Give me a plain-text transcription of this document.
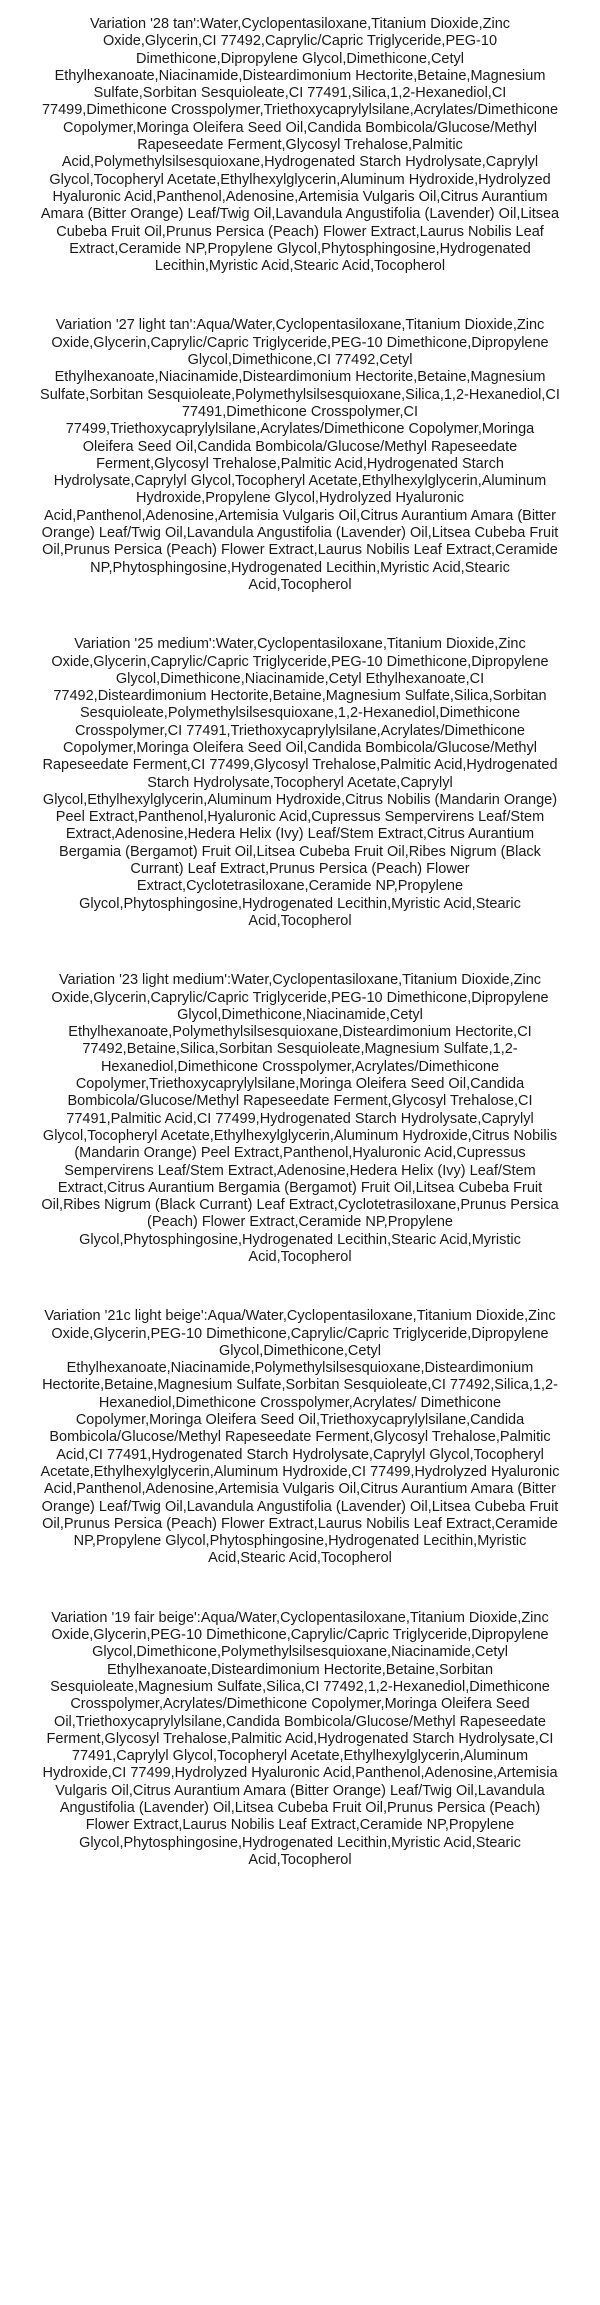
Variation '28 tan':Water,Cyclopentasiloxane,Titanium Dioxide,Zinc Oxide,Glycerin,CI 77492,Caprylic/Capric Triglyceride,PEG-10 Dimethicone,Dipropylene Glycol,Dimethicone,Cetyl Ethylhexanoate,Niacinamide,Disteardimonium Hectorite,Betaine,Magnesium Sulfate,Sorbitan Sesquioleate,CI 77491,Silica,1,2-Hexanediol,CI 77499,Dimethicone Crosspolymer,Triethoxycaprylylsilane,Acrylates/Dimethicone Copolymer,Moringa Oleifera Seed Oil,Candida Bombicola/Glucose/Methyl Rapeseedate Ferment,Glycosyl Trehalose,Palmitic Acid,Polymethylsilsesquioxane,Hydrogenated Starch Hydrolysate,Caprylyl Glycol,Tocopheryl Acetate,Ethylhexylglycerin,Aluminum Hydroxide,Hydrolyzed Hyaluronic Acid,Panthenol,Adenosine,Artemisia Vulgaris Oil,Citrus Aurantium Amara (Bitter Orange) Leaf/Twig Oil,Lavandula Angustifolia (Lavender) Oil,Litsea Cubeba Fruit Oil,Prunus Persica (Peach) Flower Extract,Laurus Nobilis Leaf Extract,Ceramide NP,Propylene Glycol,Phytosphingosine,Hydrogenated Lecithin,Myristic Acid,Stearic Acid,Tocopherol

Variation '27 light tan':Aqua/Water,Cyclopentasiloxane,Titanium Dioxide,Zinc Oxide,Glycerin,Caprylic/Capric Triglyceride,PEG-10 Dimethicone,Dipropylene Glycol,Dimethicone,CI 77492,Cetyl Ethylhexanoate,Niacinamide,Disteardimonium Hectorite,Betaine,Magnesium Sulfate,Sorbitan Sesquioleate,Polymethylsilsesquioxane,Silica,1,2-Hexanediol,CI 77491,Dimethicone Crosspolymer,CI 77499,Triethoxycaprylylsilane,Acrylates/Dimethicone Copolymer,Moringa Oleifera Seed Oil,Candida Bombicola/Glucose/Methyl Rapeseedate Ferment,Glycosyl Trehalose,Palmitic Acid,Hydrogenated Starch Hydrolysate,Caprylyl Glycol,Tocopheryl Acetate,Ethylhexylglycerin,Aluminum Hydroxide,Propylene Glycol,Hydrolyzed Hyaluronic Acid,Panthenol,Adenosine,Artemisia Vulgaris Oil,Citrus Aurantium Amara (Bitter Orange) Leaf/Twig Oil,Lavandula Angustifolia (Lavender) Oil,Litsea Cubeba Fruit Oil,Prunus Persica (Peach) Flower Extract,Laurus Nobilis Leaf Extract,Ceramide NP,Phytosphingosine,Hydrogenated Lecithin,Myristic Acid,Stearic Acid,Tocopherol

Variation '25 medium':Water,Cyclopentasiloxane,Titanium Dioxide,Zinc Oxide,Glycerin,Caprylic/Capric Triglyceride,PEG-10 Dimethicone,Dipropylene Glycol,Dimethicone,Niacinamide,Cetyl Ethylhexanoate,CI 77492,Disteardimonium Hectorite,Betaine,Magnesium Sulfate,Silica,Sorbitan Sesquioleate,Polymethylsilsesquioxane,1,2-Hexanediol,Dimethicone Crosspolymer,CI 77491,Triethoxycaprylylsilane,Acrylates/Dimethicone Copolymer,Moringa Oleifera Seed Oil,Candida Bombicola/Glucose/Methyl Rapeseedate Ferment,CI 77499,Glycosyl Trehalose,Palmitic Acid,Hydrogenated Starch Hydrolysate,Tocopheryl Acetate,Caprylyl Glycol,Ethylhexylglycerin,Aluminum Hydroxide,Citrus Nobilis (Mandarin Orange) Peel Extract,Panthenol,Hyaluronic Acid,Cupressus Sempervirens Leaf/Stem Extract,Adenosine,Hedera Helix (Ivy) Leaf/Stem Extract,Citrus Aurantium Bergamia (Bergamot) Fruit Oil,Litsea Cubeba Fruit Oil,Ribes Nigrum (Black Currant) Leaf Extract,Prunus Persica (Peach) Flower Extract,Cyclotetrasiloxane,Ceramide NP,Propylene Glycol,Phytosphingosine,Hydrogenated Lecithin,Myristic Acid,Stearic Acid,Tocopherol

Variation '23 light medium':Water,Cyclopentasiloxane,Titanium Dioxide,Zinc Oxide,Glycerin,Caprylic/Capric Triglyceride,PEG-10 Dimethicone,Dipropylene Glycol,Dimethicone,Niacinamide,Cetyl Ethylhexanoate,Polymethylsilsesquioxane,Disteardimonium Hectorite,CI 77492,Betaine,Silica,Sorbitan Sesquioleate,Magnesium Sulfate,1,2-Hexanediol,Dimethicone Crosspolymer,Acrylates/Dimethicone Copolymer,Triethoxycaprylylsilane,Moringa Oleifera Seed Oil,Candida Bombicola/Glucose/Methyl Rapeseedate Ferment,Glycosyl Trehalose,CI 77491,Palmitic Acid,CI 77499,Hydrogenated Starch Hydrolysate,Caprylyl Glycol,Tocopheryl Acetate,Ethylhexylglycerin,Aluminum Hydroxide,Citrus Nobilis (Mandarin Orange) Peel Extract,Panthenol,Hyaluronic Acid,Cupressus Sempervirens Leaf/Stem Extract,Adenosine,Hedera Helix (Ivy) Leaf/Stem Extract,Citrus Aurantium Bergamia (Bergamot) Fruit Oil,Litsea Cubeba Fruit Oil,Ribes Nigrum (Black Currant) Leaf Extract,Cyclotetrasiloxane,Prunus Persica (Peach) Flower Extract,Ceramide NP,Propylene Glycol,Phytosphingosine,Hydrogenated Lecithin,Stearic Acid,Myristic Acid,Tocopherol

Variation '21c light beige':Aqua/Water,Cyclopentasiloxane,Titanium Dioxide,Zinc Oxide,Glycerin,PEG-10 Dimethicone,Caprylic/Capric Triglyceride,Dipropylene Glycol,Dimethicone,Cetyl Ethylhexanoate,Niacinamide,Polymethylsilsesquioxane,Disteardimonium Hectorite,Betaine,Magnesium Sulfate,Sorbitan Sesquioleate,CI 77492,Silica,1,2-Hexanediol,Dimethicone Crosspolymer,Acrylates/ Dimethicone Copolymer,Moringa Oleifera Seed Oil,Triethoxycaprylylsilane,Candida Bombicola/Glucose/Methyl Rapeseedate Ferment,Glycosyl Trehalose,Palmitic Acid,CI 77491,Hydrogenated Starch Hydrolysate,Caprylyl Glycol,Tocopheryl Acetate,Ethylhexylglycerin,Aluminum Hydroxide,CI 77499,Hydrolyzed Hyaluronic Acid,Panthenol,Adenosine,Artemisia Vulgaris Oil,Citrus Aurantium Amara (Bitter Orange) Leaf/Twig Oil,Lavandula Angustifolia (Lavender) Oil,Litsea Cubeba Fruit Oil,Prunus Persica (Peach) Flower Extract,Laurus Nobilis Leaf Extract,Ceramide NP,Propylene Glycol,Phytosphingosine,Hydrogenated Lecithin,Myristic Acid,Stearic Acid,Tocopherol

Variation '19 fair beige':Aqua/Water,Cyclopentasiloxane,Titanium Dioxide,Zinc Oxide,Glycerin,PEG-10 Dimethicone,Caprylic/Capric Triglyceride,Dipropylene Glycol,Dimethicone,Polymethylsilsesquioxane,Niacinamide,Cetyl Ethylhexanoate,Disteardimonium Hectorite,Betaine,Sorbitan Sesquioleate,Magnesium Sulfate,Silica,CI 77492,1,2-Hexanediol,Dimethicone Crosspolymer,Acrylates/Dimethicone Copolymer,Moringa Oleifera Seed Oil,Triethoxycaprylylsilane,Candida Bombicola/Glucose/Methyl Rapeseedate Ferment,Glycosyl Trehalose,Palmitic Acid,Hydrogenated Starch Hydrolysate,CI 77491,Caprylyl Glycol,Tocopheryl Acetate,Ethylhexylglycerin,Aluminum Hydroxide,CI 77499,Hydrolyzed Hyaluronic Acid,Panthenol,Adenosine,Artemisia Vulgaris Oil,Citrus Aurantium Amara (Bitter Orange) Leaf/Twig Oil,Lavandula Angustifolia (Lavender) Oil,Litsea Cubeba Fruit Oil,Prunus Persica (Peach) Flower Extract,Laurus Nobilis Leaf Extract,Ceramide NP,Propylene Glycol,Phytosphingosine,Hydrogenated Lecithin,Myristic Acid,Stearic Acid,Tocopherol
